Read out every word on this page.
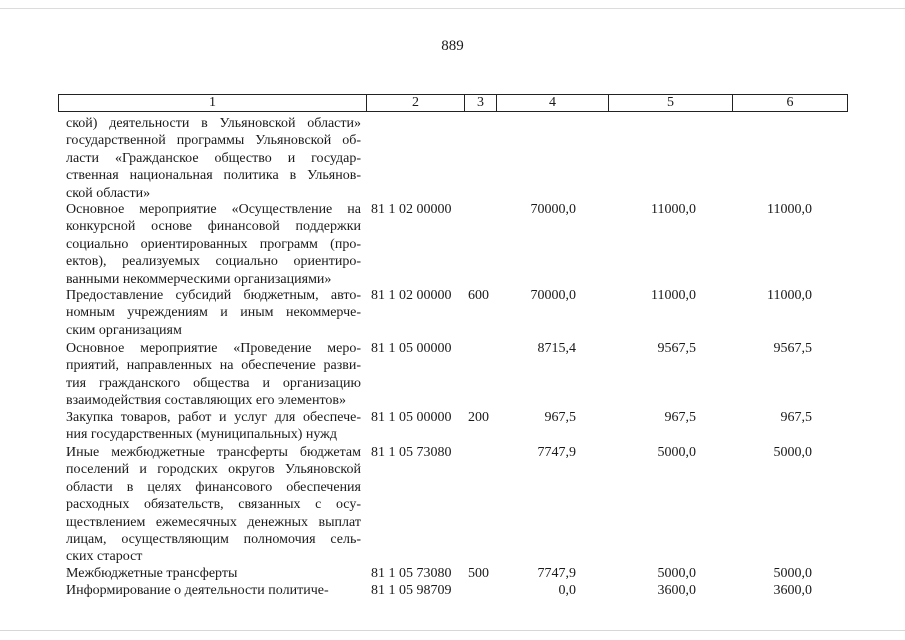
889
1	2	3	4	5	6
ской) деятельности в Ульяновской области»
государственной программы Ульяновской об-
ласти «Гражданское общество и государ-
ственная национальная политика в Ульянов-
ской области»
Основное мероприятие «Осуществление на
конкурсной основе финансовой поддержки
социально ориентированных программ (про-
ектов), реализуемых социально ориентиро-
ванными некоммерческими организациями»
81 1 02 00000	70000,0	11000,0	11000,0
Предоставление субсидий бюджетным, авто-
номным учреждениям и иным некоммерче-
ским организациям
81 1 02 00000 600	70000,0	11000,0	11000,0
Основное мероприятие «Проведение меро-
приятий, направленных на обеспечение разви-
тия гражданского общества и организацию
взаимодействия составляющих его элементов»
81 1 05 00000	8715,4	9567,5	9567,5
Закупка товаров, работ и услуг для обеспече-
ния государственных (муниципальных) нужд
81 1 05 00000 200	967,5	967,5	967,5
Иные межбюджетные трансферты бюджетам
поселений и городских округов Ульяновской
области в целях финансового обеспечения
расходных обязательств, связанных с осу-
ществлением ежемесячных денежных выплат
лицам, осуществляющим полномочия сель-
ских старост
81 1 05 73080	7747,9	5000,0	5000,0
Межбюджетные трансферты	81 1 05 73080 500	7747,9	5000,0	5000,0
Информирование о деятельности политиче-	81 1 05 98709	0,0	3600,0	3600,0
